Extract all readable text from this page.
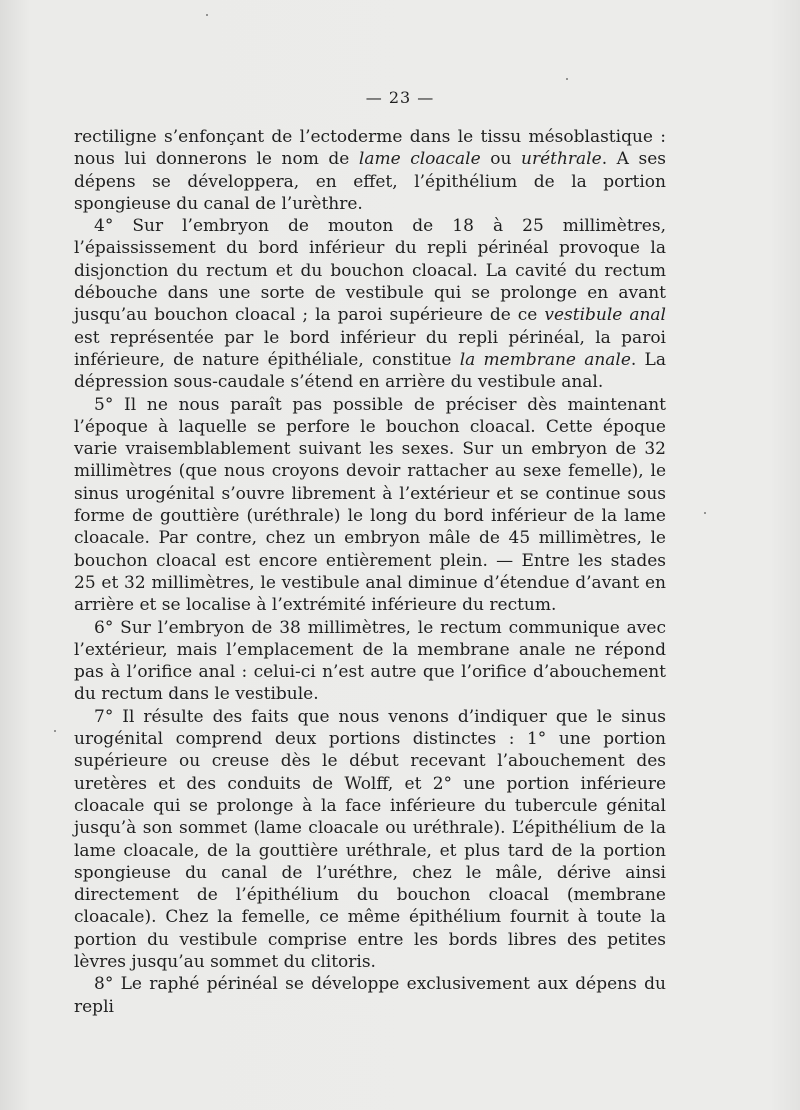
— 23 —

rectiligne s’enfonçant de l’ectoderme dans le tissu mésoblastique : nous lui donnerons le nom de lame cloacale ou uréthrale. A ses dépens se développera, en effet, l’épithélium de la portion spongieuse du canal de l’urèthre.

4° Sur l’embryon de mouton de 18 à 25 millimètres, l’épaississement du bord inférieur du repli périnéal provoque la disjonction du rectum et du bouchon cloacal. La cavité du rectum débouche dans une sorte de vestibule qui se prolonge en avant jusqu’au bouchon cloacal ; la paroi supérieure de ce vestibule anal est représentée par le bord inférieur du repli périnéal, la paroi inférieure, de nature épithéliale, constitue la membrane anale. La dépression sous-caudale s’étend en arrière du vestibule anal.

5° Il ne nous paraît pas possible de préciser dès maintenant l’époque à laquelle se perfore le bouchon cloacal. Cette époque varie vraisemblablement suivant les sexes. Sur un embryon de 32 millimètres (que nous croyons devoir rattacher au sexe femelle), le sinus urogénital s’ouvre librement à l’extérieur et se continue sous forme de gouttière (uréthrale) le long du bord inférieur de la lame cloacale. Par contre, chez un embryon mâle de 45 millimètres, le bouchon cloacal est encore entièrement plein. — Entre les stades 25 et 32 millimètres, le vestibule anal diminue d’étendue d’avant en arrière et se localise à l’extrémité inférieure du rectum.

6° Sur l’embryon de 38 millimètres, le rectum communique avec l’extérieur, mais l’emplacement de la membrane anale ne répond pas à l’orifice anal : celui-ci n’est autre que l’orifice d’abouchement du rectum dans le vestibule.

7° Il résulte des faits que nous venons d’indiquer que le sinus urogénital comprend deux portions distinctes : 1° une portion supérieure ou creuse dès le début recevant l’abouchement des uretères et des conduits de Wolff, et 2° une portion inférieure cloacale qui se prolonge à la face inférieure du tubercule génital jusqu’à son sommet (lame cloacale ou uréthrale). L’épithélium de la lame cloacale, de la gouttière uréthrale, et plus tard de la portion spongieuse du canal de l’uréthre, chez le mâle, dérive ainsi directement de l’épithélium du bouchon cloacal (membrane cloacale). Chez la femelle, ce même épithélium fournit à toute la portion du vestibule comprise entre les bords libres des petites lèvres jusqu’au sommet du clitoris.

8° Le raphé périnéal se développe exclusivement aux dépens du repli
